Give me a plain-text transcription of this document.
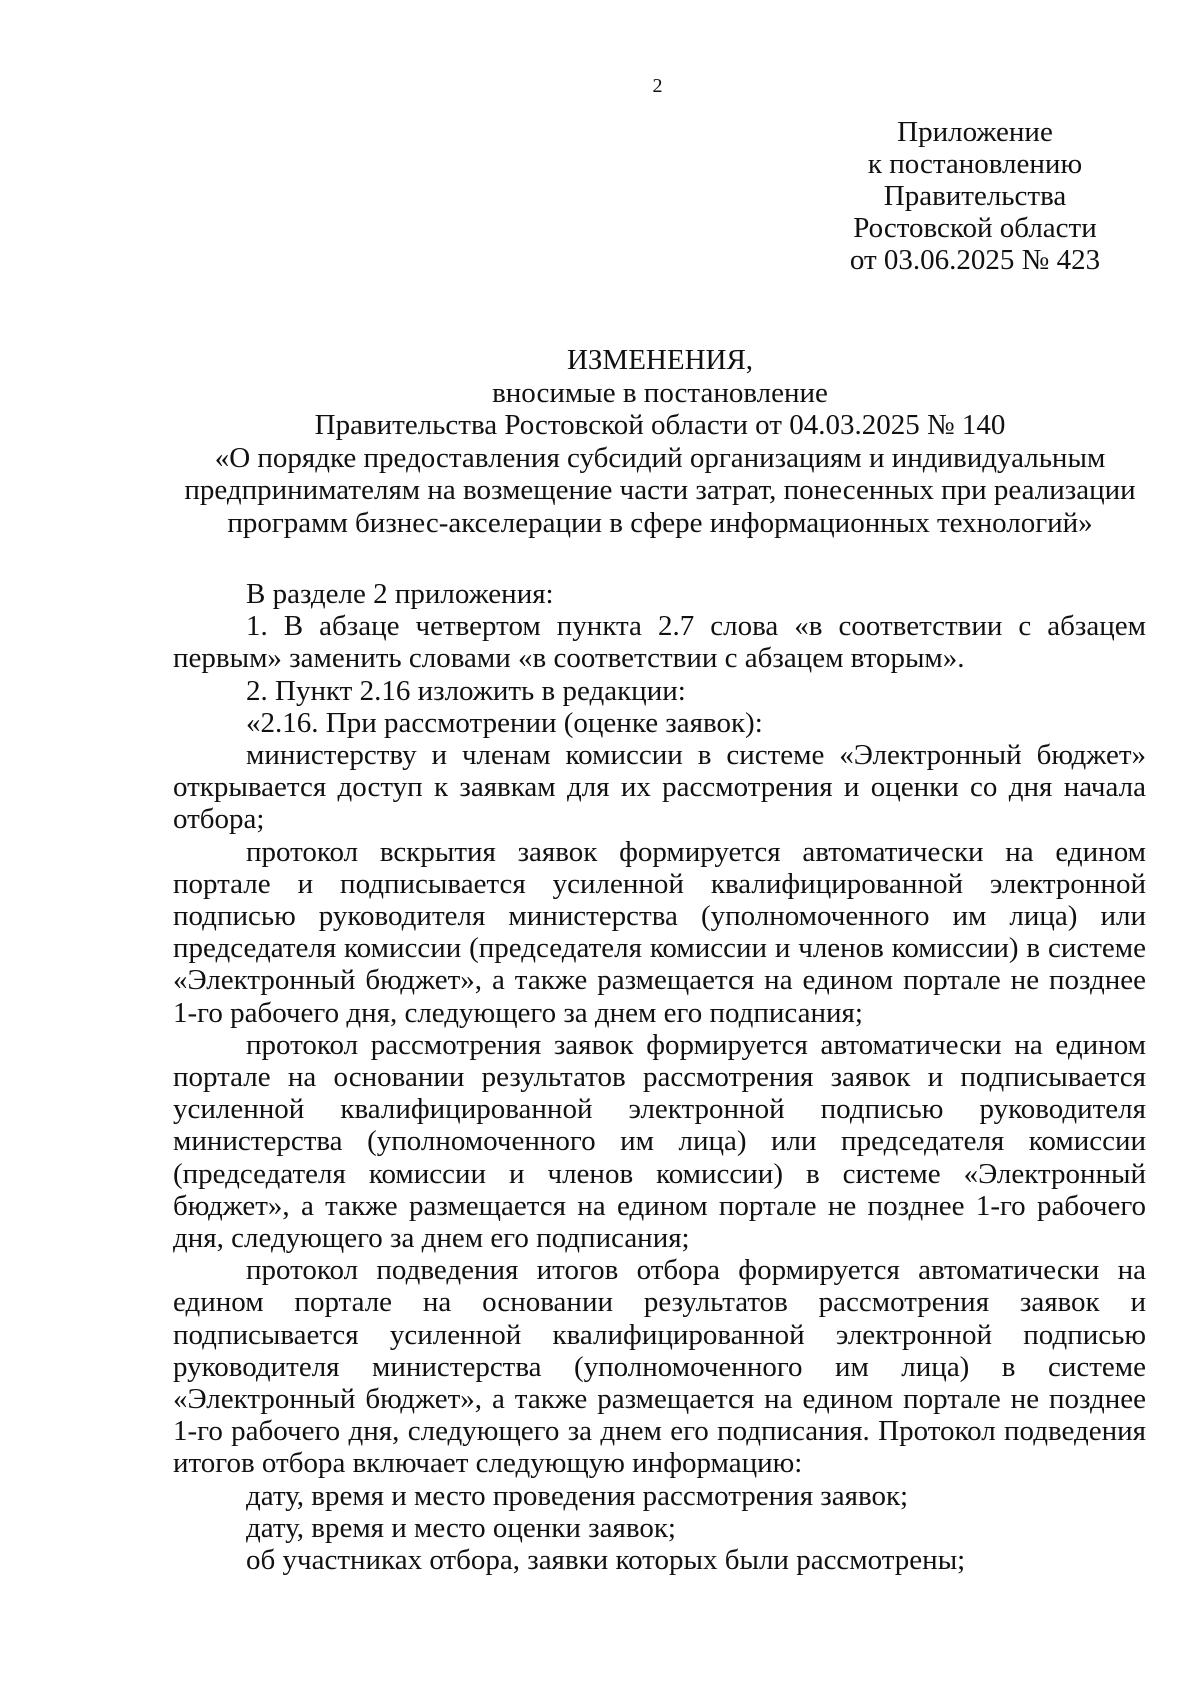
2
Приложение
к постановлению
Правительства
Ростовской области
от 03.06.2025 № 423
ИЗМЕНЕНИЯ,
вносимые в постановление
Правительства Ростовской области от 04.03.2025 № 140
«О порядке предоставления субсидий организациям и индивидуальным
предпринимателям на возмещение части затрат, понесенных при реализации
программ бизнес-акселерации в сфере информационных технологий»

В разделе 2 приложения:

1. В абзаце четвертом пункта 2.7 слова «в соответствии с абзацем первым» заменить словами «в соответствии с абзацем вторым».

2. Пункт 2.16 изложить в редакции:

«2.16. При рассмотрении (оценке заявок):

министерству и членам комиссии в системе «Электронный бюджет» открывается доступ к заявкам для их рассмотрения и оценки со дня начала отбора;

протокол вскрытия заявок формируется автоматически на едином портале и подписывается усиленной квалифицированной электронной подписью руководителя министерства (уполномоченного им лица) или председателя комиссии (председателя комиссии и членов комиссии) в системе «Электронный бюджет», а также размещается на едином портале не позднее 1-го рабочего дня, следующего за днем его подписания;

протокол рассмотрения заявок формируется автоматически на едином портале на основании результатов рассмотрения заявок и подписывается усиленной квалифицированной электронной подписью руководителя министерства (уполномоченного им лица) или председателя комиссии (председателя комиссии и членов комиссии) в системе «Электронный бюджет», а также размещается на едином портале не позднее 1-го рабочего дня, следующего за днем его подписания;

протокол подведения итогов отбора формируется автоматически на едином портале на основании результатов рассмотрения заявок и подписывается усиленной квалифицированной электронной подписью руководителя министерства (уполномоченного им лица) в системе «Электронный бюджет», а также размещается на едином портале не позднее 1-го рабочего дня, следующего за днем его подписания. Протокол подведения итогов отбора включает следующую информацию:

дату, время и место проведения рассмотрения заявок;

дату, время и место оценки заявок;

об участниках отбора, заявки которых были рассмотрены;
